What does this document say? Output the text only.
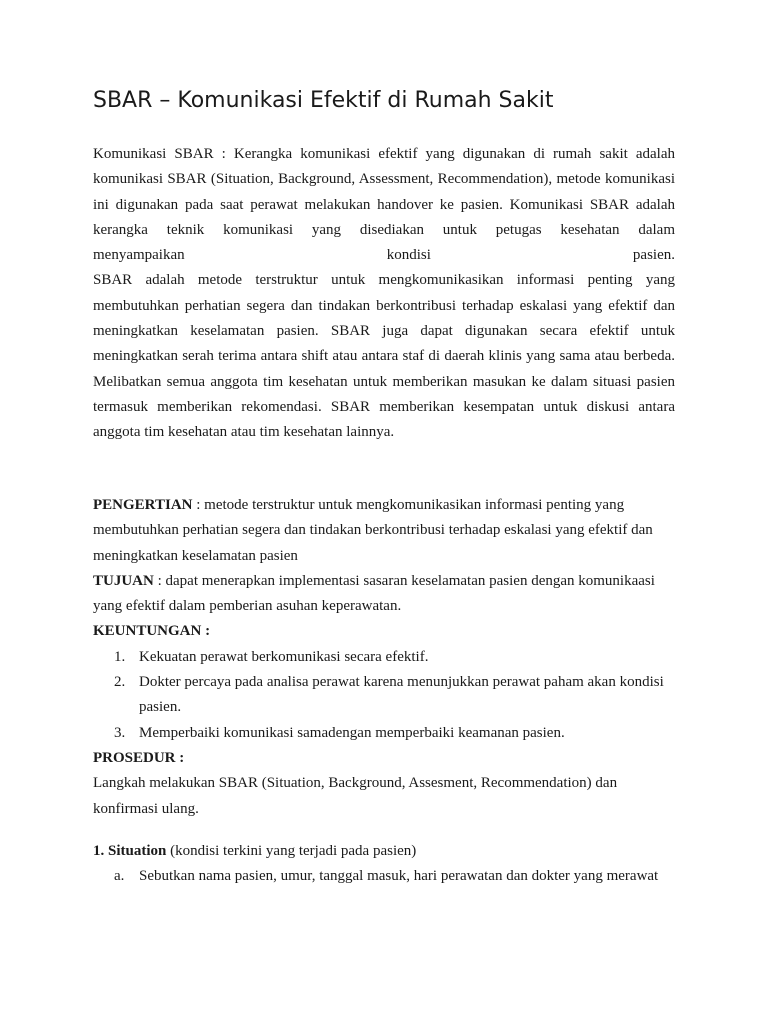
SBAR – Komunikasi Efektif di Rumah Sakit

Komunikasi SBAR : Kerangka komunikasi efektif yang digunakan di rumah sakit adalah komunikasi SBAR (Situation, Background, Assessment, Recommendation), metode komunikasi ini digunakan pada saat perawat melakukan handover ke pasien. Komunikasi SBAR adalah kerangka teknik komunikasi yang disediakan untuk petugas kesehatan dalam
menyampaikan kondisi pasien.
SBAR adalah metode terstruktur untuk mengkomunikasikan informasi penting yang membutuhkan perhatian segera dan tindakan berkontribusi terhadap eskalasi yang efektif dan meningkatkan keselamatan pasien. SBAR juga dapat digunakan secara efektif untuk meningkatkan serah terima antara shift atau antara staf di daerah klinis yang sama atau berbeda. Melibatkan semua anggota tim kesehatan untuk memberikan masukan ke dalam situasi pasien termasuk memberikan rekomendasi. SBAR memberikan kesempatan untuk diskusi antara anggota tim kesehatan atau tim kesehatan lainnya.

PENGERTIAN : metode terstruktur untuk mengkomunikasikan informasi penting yang membutuhkan perhatian segera dan tindakan berkontribusi terhadap eskalasi yang efektif dan meningkatkan keselamatan pasien

TUJUAN : dapat menerapkan implementasi sasaran keselamatan pasien dengan komunikaasi yang efektif dalam pemberian asuhan keperawatan.

KEUNTUNGAN :

1. Kekuatan perawat berkomunikasi secara efektif.
2. Dokter percaya pada analisa perawat karena menunjukkan perawat paham akan kondisi pasien.
3. Memperbaiki komunikasi samadengan memperbaiki keamanan pasien.

PROSEDUR :

Langkah melakukan SBAR (Situation, Background, Assesment, Recommendation) dan konfirmasi ulang.

1. Situation (kondisi terkini yang terjadi pada pasien)

a. Sebutkan nama pasien, umur, tanggal masuk, hari perawatan dan dokter yang merawat
